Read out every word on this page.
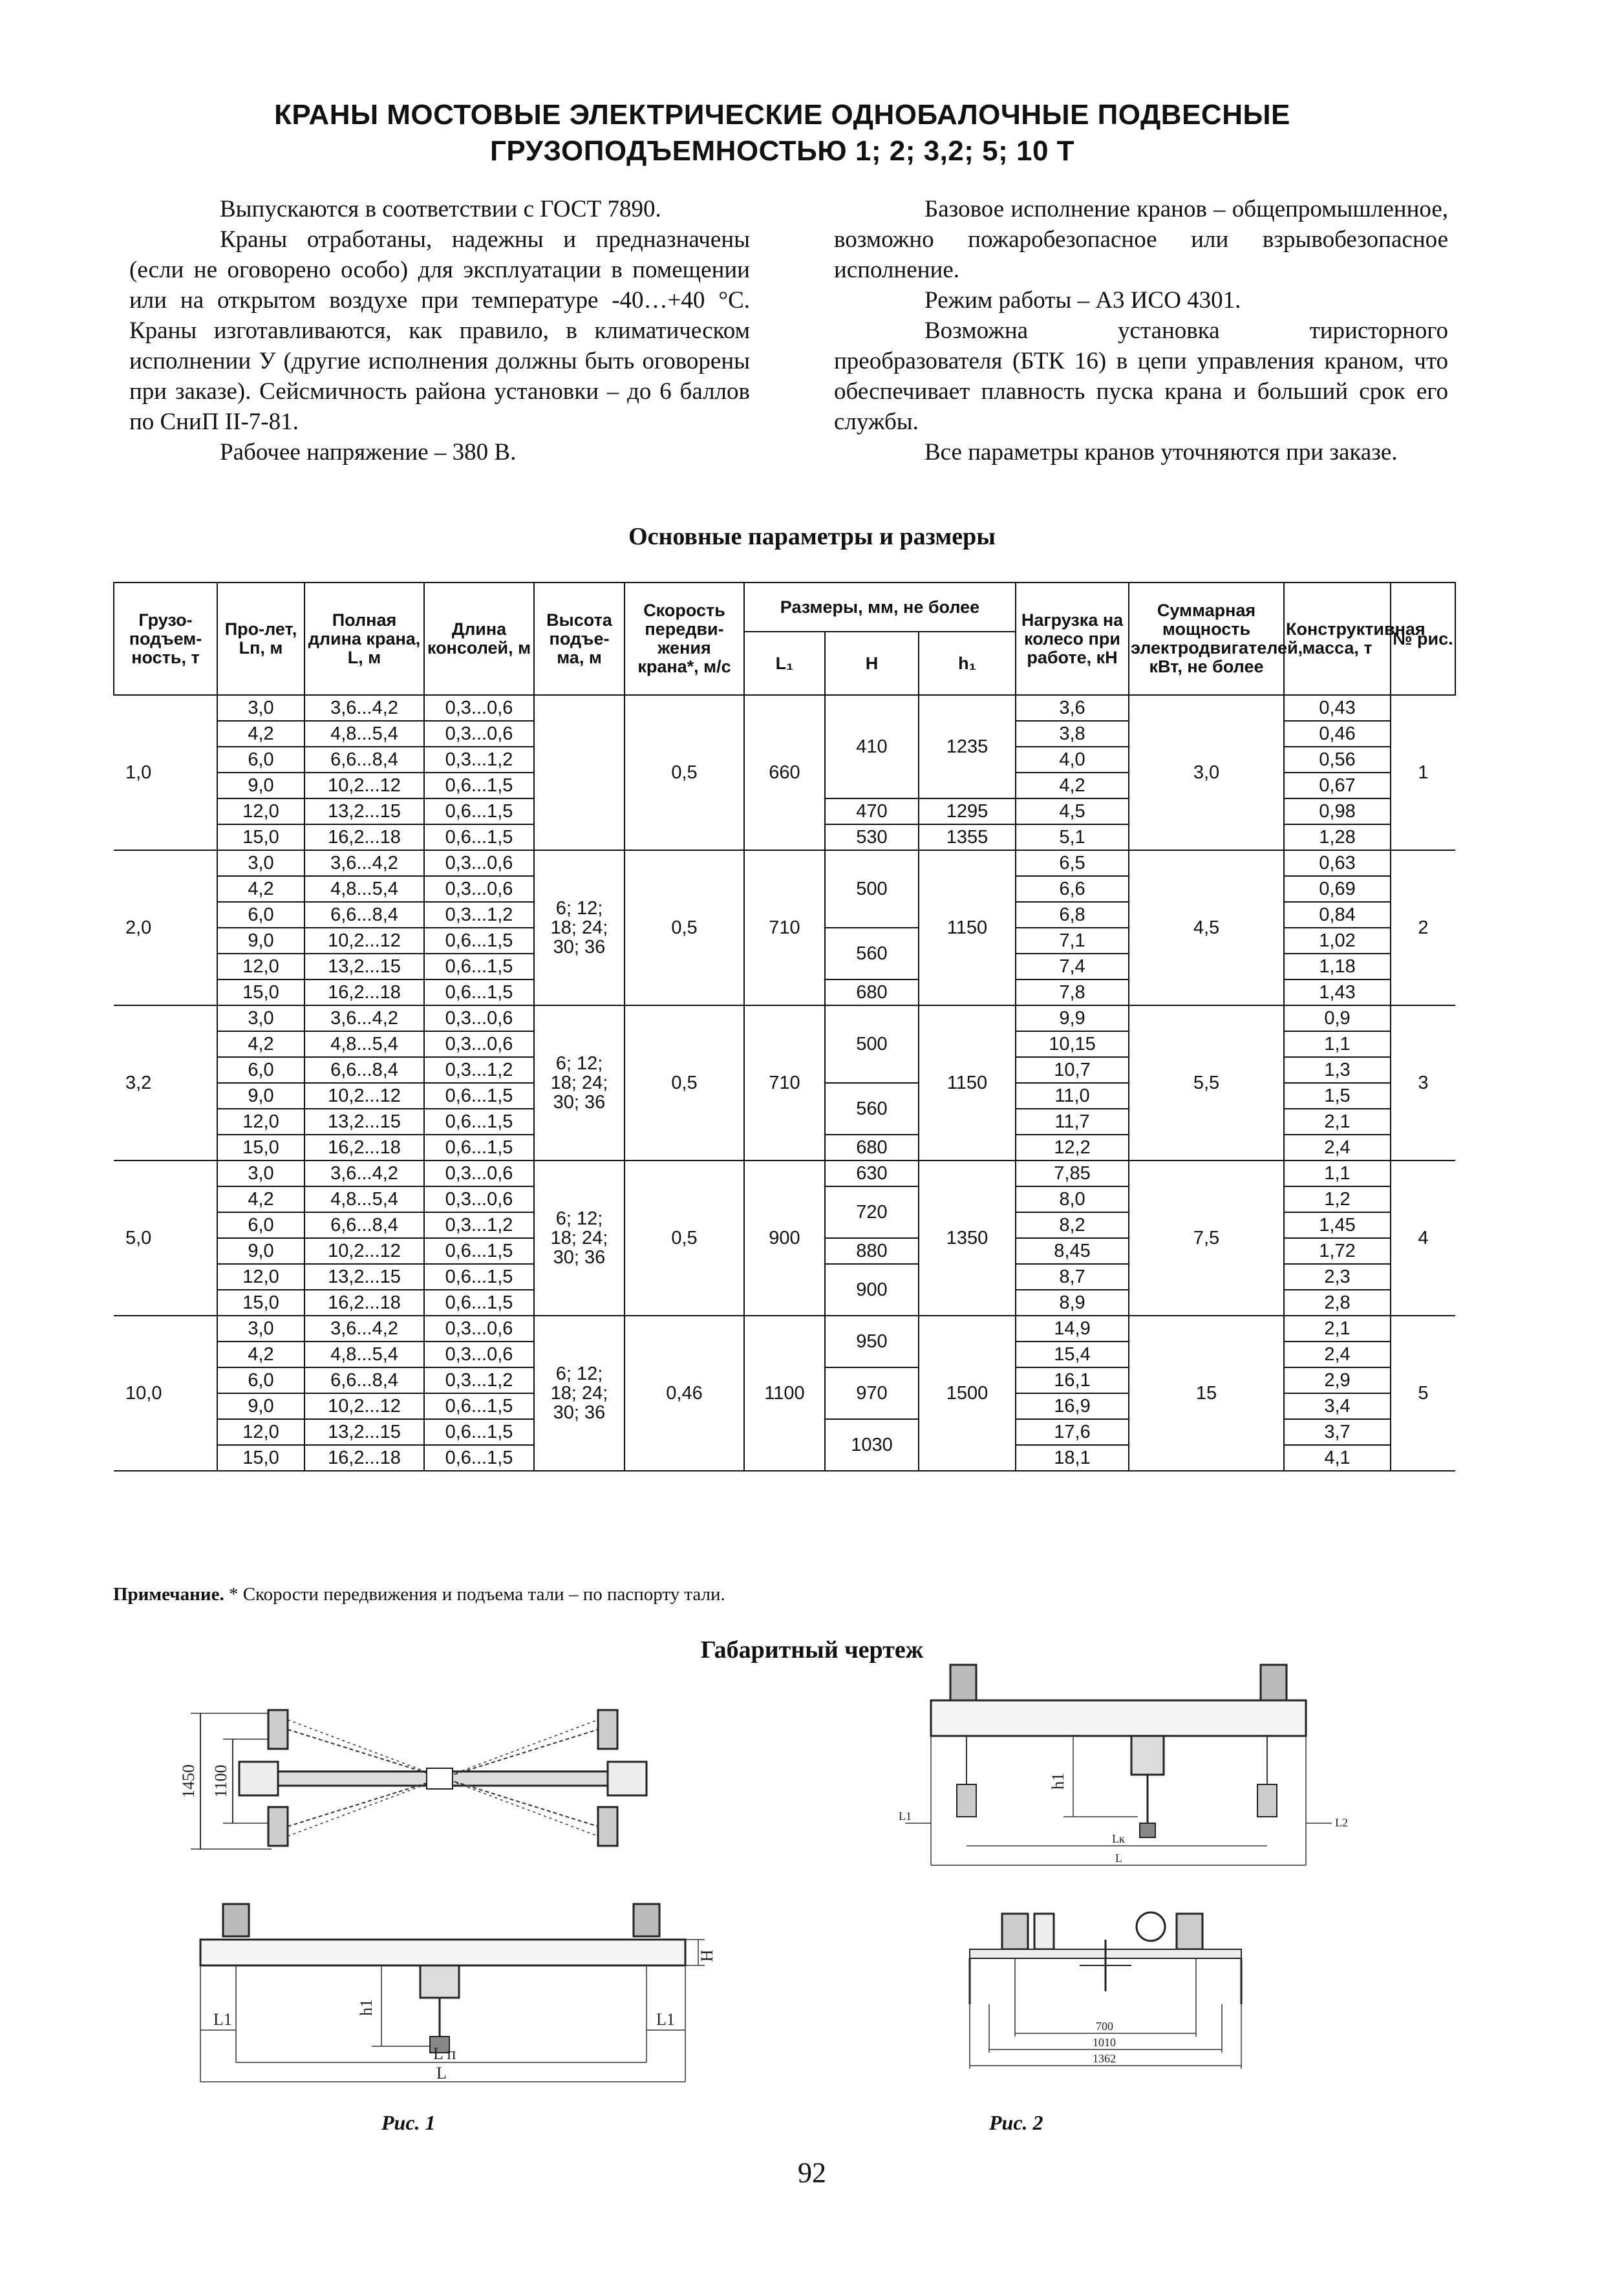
КРАНЫ МОСТОВЫЕ ЭЛЕКТРИЧЕСКИЕ ОДНОБАЛОЧНЫЕ ПОДВЕСНЫЕ
ГРУЗОПОДЪЕМНОСТЬЮ 1; 2; 3,2; 5; 10 Т

Выпускаются в соответствии с ГОСТ 7890.

Краны отработаны, надежны и предназначены (если не оговорено особо) для эксплуатации в помещении или на открытом воздухе при температуре -40…+40 °С. Краны изготавливаются, как правило, в климатическом исполнении У (другие исполнения должны быть оговорены при заказе). Сейсмичность района установки – до 6 баллов по СниП II-7-81.

Рабочее напряжение – 380 В.

Базовое исполнение кранов – общепромышленное, возможно пожаробезопасное или взрывобезопасное исполнение.

Режим работы – А3 ИСО 4301.

Возможна установка тиристорного преобразователя (БТК 16) в цепи управления краном, что обеспечивает плавность пуска крана и больший срок его службы.

Все параметры кранов уточняются при заказе.

Основные параметры и размеры
Грузо-подъем-ность, т	Про-лет, Lп, м	Полная длина крана, L, м	Длина консолей, м	Высота подъе-ма, м	Скорость передви-жения крана*, м/с	Размеры, мм, не более			Нагрузка на колесо при работе, кН	Суммарная мощность электродвигателей, кВт, не более	Конструктивная масса, т	№ рис.
						L₁	H	h₁				
1,0	3,0	3,6...4,2	0,3...0,6		0,5	660	410	1235	3,6	3,0	0,43	1
	4,2	4,8...5,4	0,3...0,6						3,8		0,46	
	6,0	6,6...8,4	0,3...1,2						4,0		0,56	
	9,0	10,2...12	0,6...1,5						4,2		0,67	
	12,0	13,2...15	0,6...1,5				470	1295	4,5		0,98	
	15,0	16,2...18	0,6...1,5				530	1355	5,1		1,28	
2,0	3,0	3,6...4,2	0,3...0,6	6; 12;
18; 24;
30; 36	0,5	710	500	1150	6,5	4,5	0,63	2
	4,2	4,8...5,4	0,3...0,6						6,6		0,69	
	6,0	6,6...8,4	0,3...1,2						6,8		0,84	
	9,0	10,2...12	0,6...1,5				560		7,1		1,02	
	12,0	13,2...15	0,6...1,5						7,4		1,18	
	15,0	16,2...18	0,6...1,5				680		7,8		1,43	
3,2	3,0	3,6...4,2	0,3...0,6	6; 12;
18; 24;
30; 36	0,5	710	500	1150	9,9	5,5	0,9	3
	4,2	4,8...5,4	0,3...0,6						10,15		1,1	
	6,0	6,6...8,4	0,3...1,2						10,7		1,3	
	9,0	10,2...12	0,6...1,5				560		11,0		1,5	
	12,0	13,2...15	0,6...1,5						11,7		2,1	
	15,0	16,2...18	0,6...1,5				680		12,2		2,4	
5,0	3,0	3,6...4,2	0,3...0,6	6; 12;
18; 24;
30; 36	0,5	900	630	1350	7,85	7,5	1,1	4
	4,2	4,8...5,4	0,3...0,6				720		8,0		1,2	
	6,0	6,6...8,4	0,3...1,2						8,2		1,45	
	9,0	10,2...12	0,6...1,5				880		8,45		1,72	
	12,0	13,2...15	0,6...1,5				900		8,7		2,3	
	15,0	16,2...18	0,6...1,5						8,9		2,8	
10,0	3,0	3,6...4,2	0,3...0,6	6; 12;
18; 24;
30; 36	0,46	1100	950	1500	14,9	15	2,1	5
	4,2	4,8...5,4	0,3...0,6						15,4		2,4	
	6,0	6,6...8,4	0,3...1,2				970		16,1		2,9	
	9,0	10,2...12	0,6...1,5						16,9		3,4	
	12,0	13,2...15	0,6...1,5				1030		17,6		3,7	
	15,0	16,2...18	0,6...1,5						18,1		4,1	
Примечание. * Скорости передвижения и подъема тали – по паспорту тали.
Габаритный чертеж
1450 1100
H
h1
L1	L1
L п
L
Рис. 1
h1
L1	L2
Lк
L
700
1010
1362
Рис. 2
92
